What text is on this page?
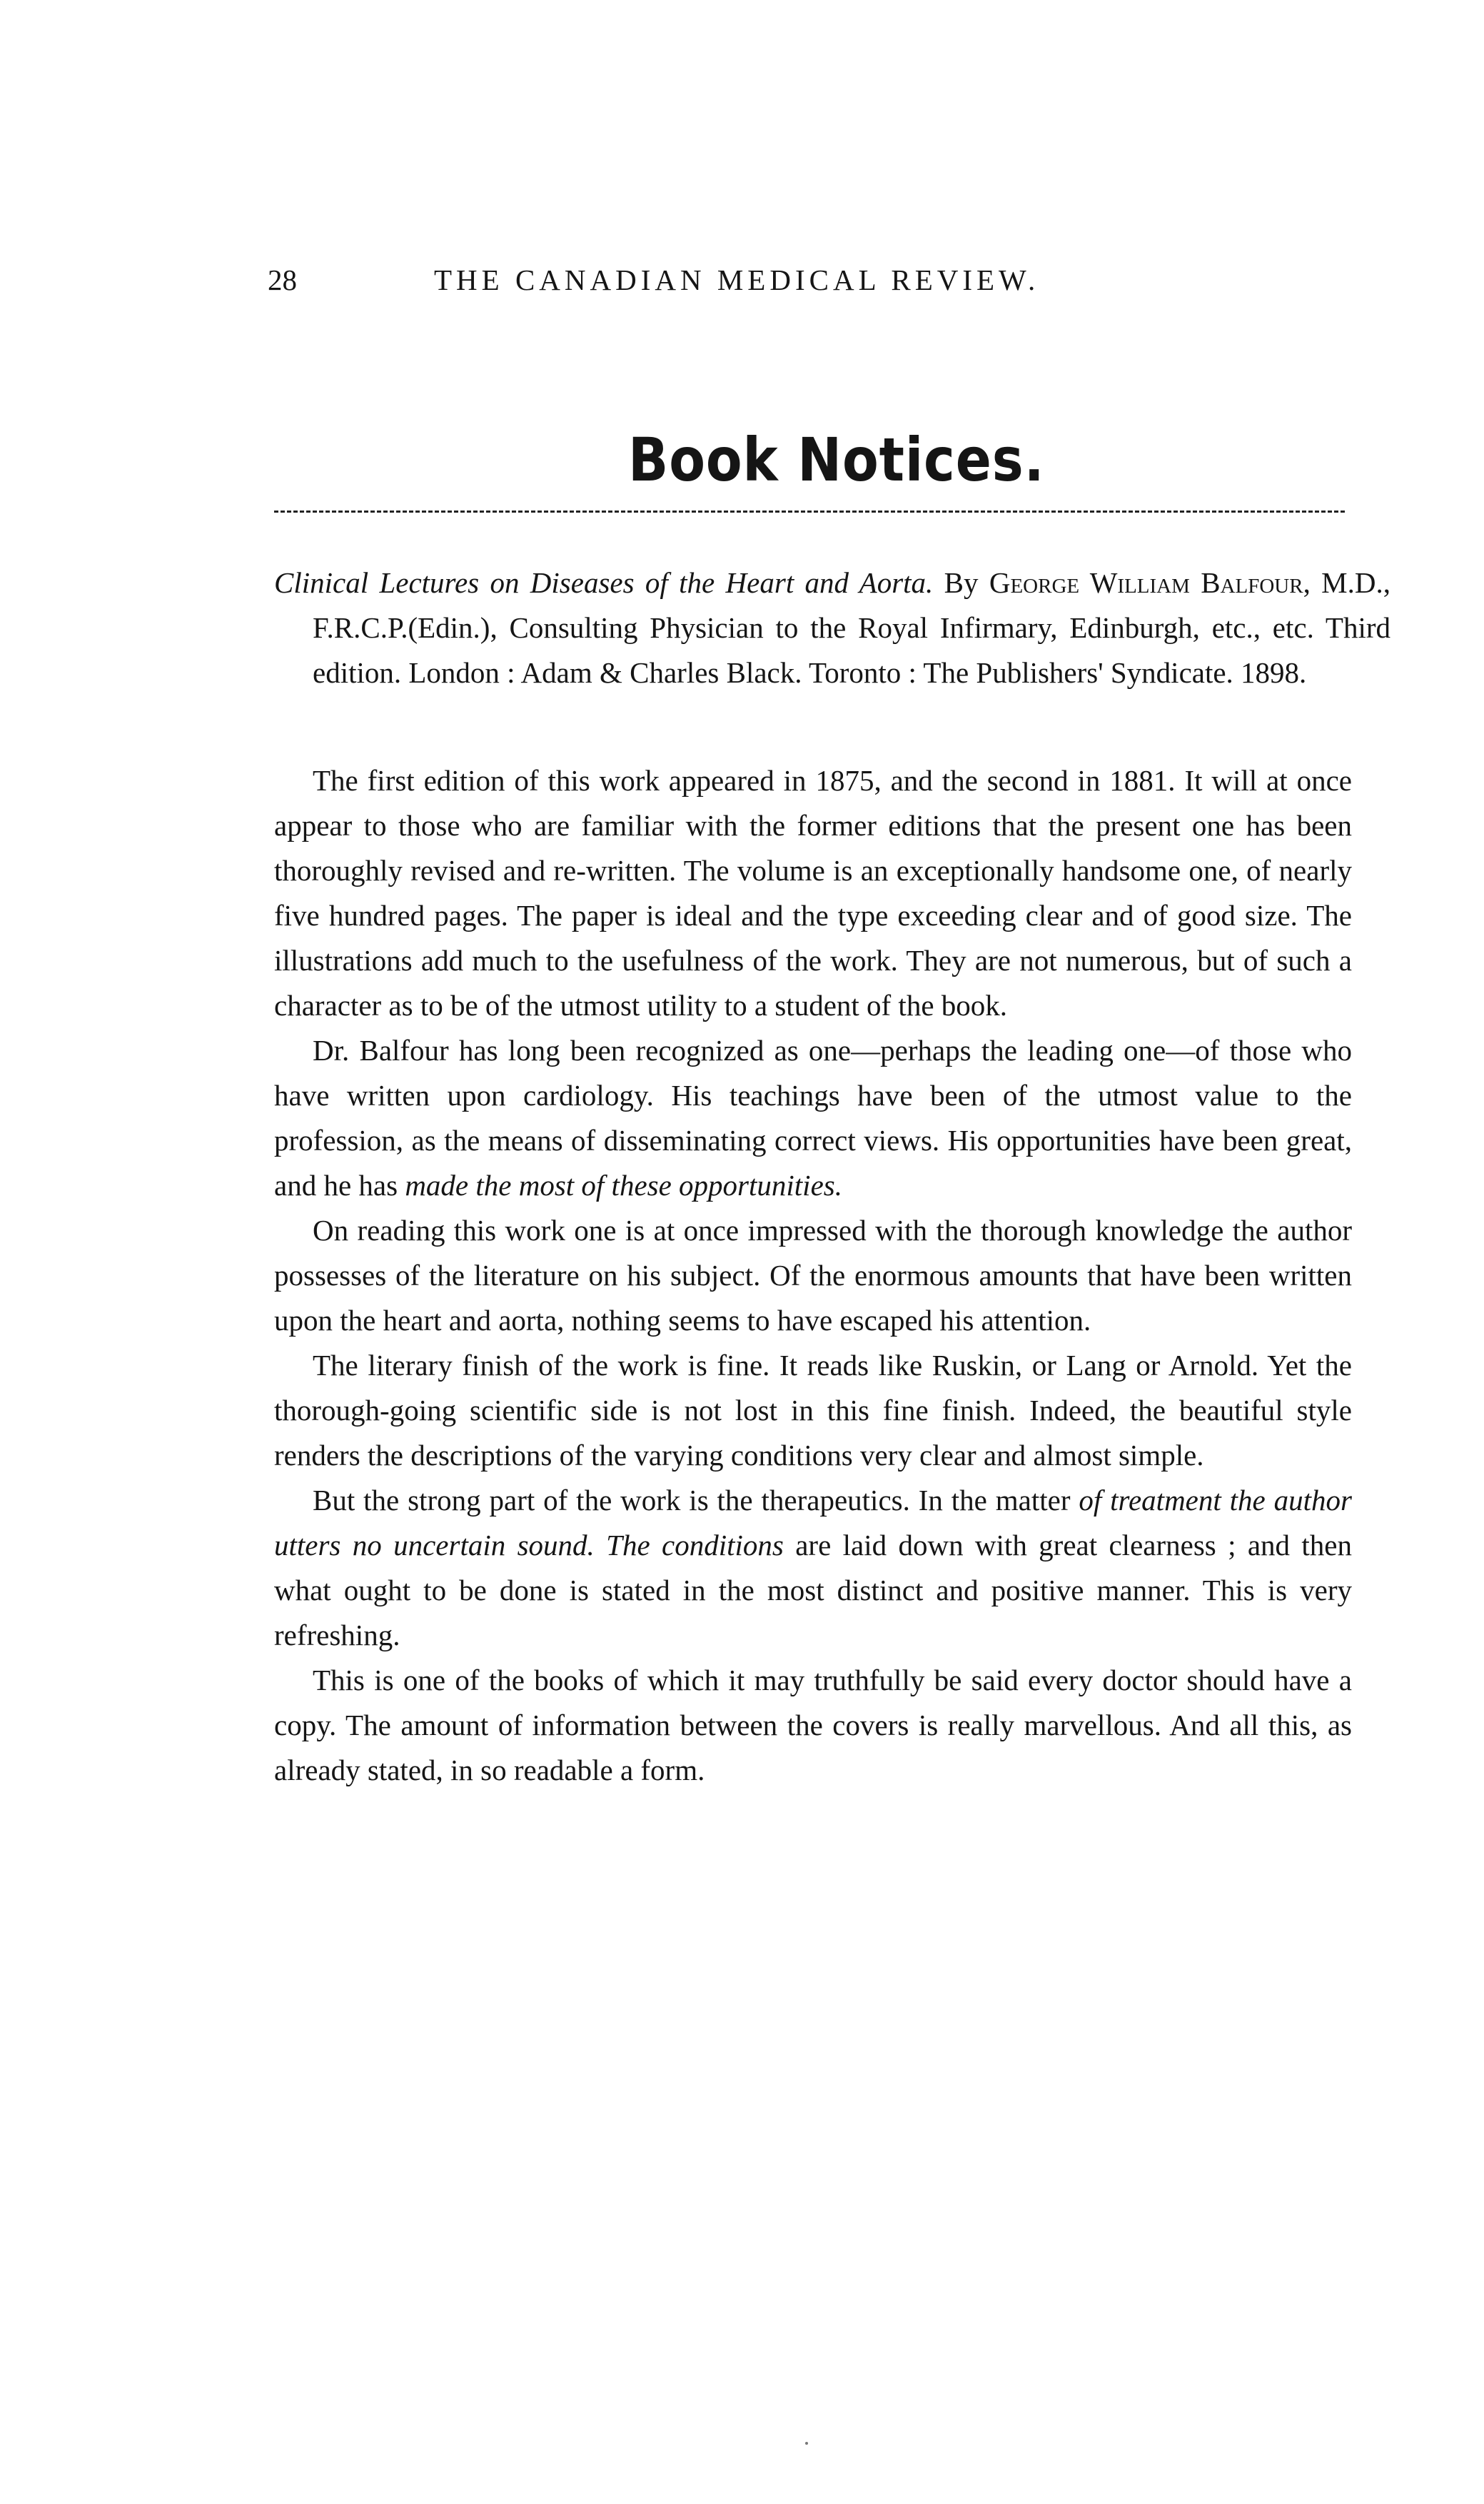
28	THE CANADIAN MEDICAL REVIEW.
Book Notices.
Clinical Lectures on Diseases of the Heart and Aorta. By George William Balfour, M.D., F.R.C.P.(Edin.), Consulting Physician to the Royal Infirmary, Edinburgh, etc., etc. Third edition. London : Adam & Charles Black. Toronto : The Publishers' Syndicate. 1898.

The first edition of this work appeared in 1875, and the second in 1881. It will at once appear to those who are familiar with the former editions that the present one has been thoroughly revised and re-written. The volume is an exceptionally handsome one, of nearly five hundred pages. The paper is ideal and the type exceeding clear and of good size. The illustrations add much to the usefulness of the work. They are not numerous, but of such a character as to be of the utmost utility to a student of the book.

Dr. Balfour has long been recognized as one—perhaps the leading one—of those who have written upon cardiology. His teachings have been of the utmost value to the profession, as the means of disseminating correct views. His opportunities have been great, and he has made the most of these opportunities.

On reading this work one is at once impressed with the thorough knowledge the author possesses of the literature on his subject. Of the enormous amounts that have been written upon the heart and aorta, nothing seems to have escaped his attention.

The literary finish of the work is fine. It reads like Ruskin, or Lang or Arnold. Yet the thorough-going scientific side is not lost in this fine finish. Indeed, the beautiful style renders the descriptions of the varying conditions very clear and almost simple.

But the strong part of the work is the therapeutics. In the matter of treatment the author utters no uncertain sound. The conditions are laid down with great clearness ; and then what ought to be done is stated in the most distinct and positive manner. This is very refreshing.

This is one of the books of which it may truthfully be said every doctor should have a copy. The amount of information between the covers is really marvellous. And all this, as already stated, in so readable a form.
